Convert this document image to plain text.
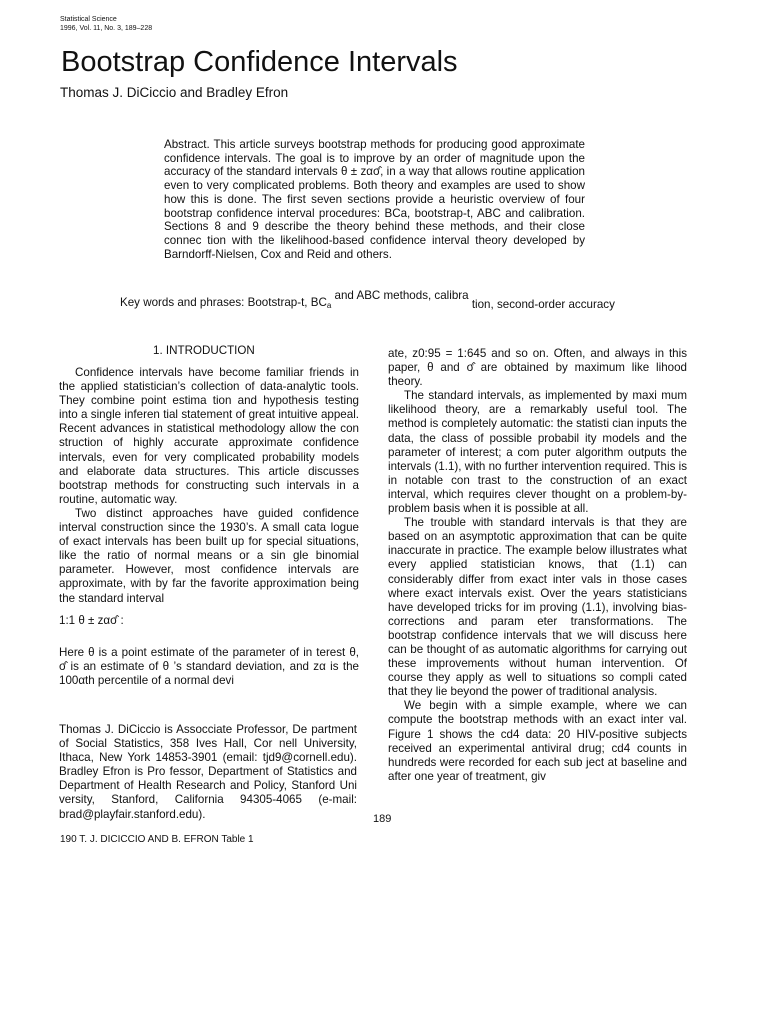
Statistical Science
1996, Vol. 11, No. 3, 189–228
Bootstrap Confidence Intervals
Thomas J. DiCiccio and Bradley Efron
Abstract. This article surveys bootstrap methods for producing good approximate confidence intervals. The goal is to improve by an order of magnitude upon the accuracy of the standard intervals θ ± zασ̂, in a way that allows routine application even to very complicated problems. Both theory and examples are used to show how this is done. The first seven sections provide a heuristic overview of four bootstrap confidence interval procedures: BCa, bootstrap-t, ABC and calibration. Sections 8 and 9 describe the theory behind these methods, and their close connec tion with the likelihood-based confidence interval theory developed by Barndorff-Nielsen, Cox and Reid and others.
Key words and phrases: Bootstrap-t, $BC_a$ and ABC methods, calibra tion, second-order accuracy
1. INTRODUCTION

Confidence intervals have become familiar friends in the applied statistician’s collection of data-analytic tools. They combine point estima tion and hypothesis testing into a single inferen tial statement of great intuitive appeal. Recent advances in statistical methodology allow the con struction of highly accurate approximate confidence intervals, even for very complicated probability models and elaborate data structures. This article discusses bootstrap methods for constructing such intervals in a routine, automatic way.

Two distinct approaches have guided confidence interval construction since the 1930’s. A small cata logue of exact intervals has been built up for special situations, like the ratio of normal means or a sin gle binomial parameter. However, most confidence intervals are approximate, with by far the favorite approximation being the standard interval

1:1 θ ± zασ̂ :
Here θ is a point estimate of the parameter of in terest θ, σ̂ is an estimate of θ ’s standard deviation, and zα is the 100αth percentile of a normal devi
Thomas J. DiCiccio is Assocciate Professor, De partment of Social Statistics, 358 Ives Hall, Cor nell University, Ithaca, New York 14853-3901 (email: tjd9@cornell.edu). Bradley Efron is Pro fessor, Department of Statistics and Department of Health Research and Policy, Stanford Uni versity, Stanford, California 94305-4065 (e-mail: brad@playfair.stanford.edu).

ate, z0:95 = 1:645 and so on. Often, and always in this paper, θ and σ̂ are obtained by maximum like lihood theory.

The standard intervals, as implemented by maxi mum likelihood theory, are a remarkably useful tool. The method is completely automatic: the statisti cian inputs the data, the class of possible probabil ity models and the parameter of interest; a com puter algorithm outputs the intervals (1.1), with no further intervention required. This is in notable con trast to the construction of an exact interval, which requires clever thought on a problem-by-problem basis when it is possible at all.

The trouble with standard intervals is that they are based on an asymptotic approximation that can be quite inaccurate in practice. The example below illustrates what every applied statistician knows, that (1.1) can considerably differ from exact inter vals in those cases where exact intervals exist. Over the years statisticians have developed tricks for im proving (1.1), involving bias-corrections and param eter transformations. The bootstrap confidence intervals that we will discuss here can be thought of as automatic algorithms for carrying out these improvements without human intervention. Of course they apply as well to situations so compli cated that they lie beyond the power of traditional analysis.

We begin with a simple example, where we can compute the bootstrap methods with an exact inter val. Figure 1 shows the cd4 data: 20 HIV-positive subjects received an experimental antiviral drug; cd4 counts in hundreds were recorded for each sub ject at baseline and after one year of treatment, giv

189
190 T. J. DICICCIO AND B. EFRON Table 1
